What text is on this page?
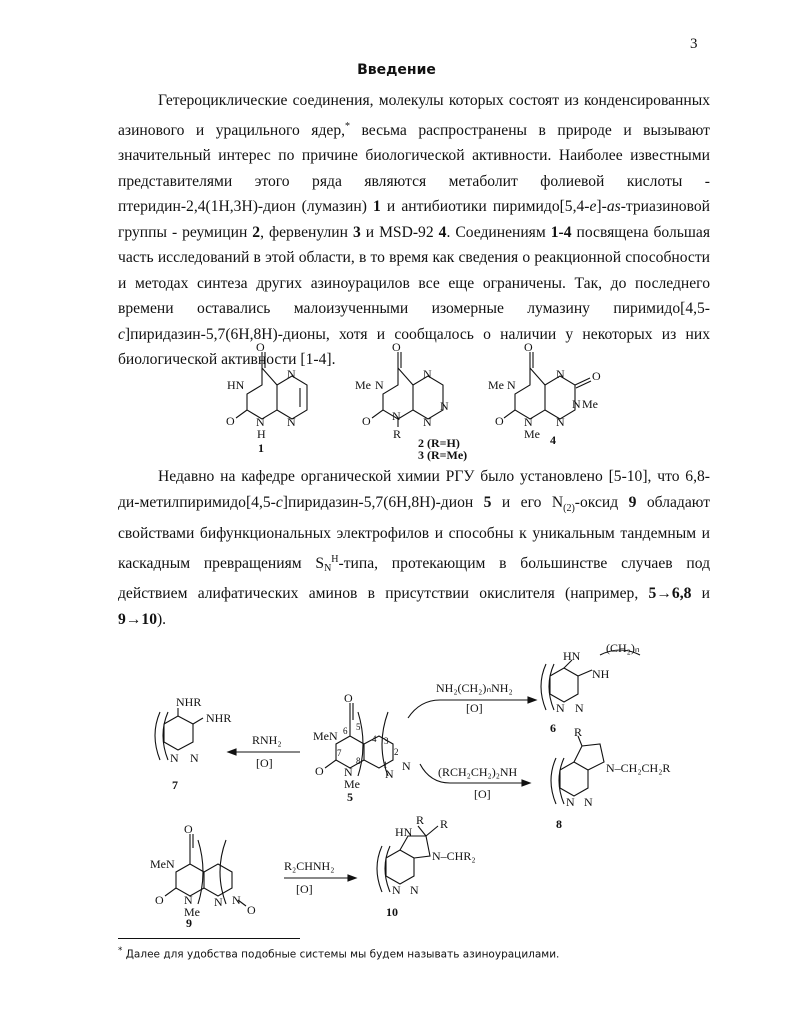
3
Введение
Гетероциклические соединения, молекулы которых состоят из конденсированных азинового и урацильного ядер,* весьма распространены в природе и вызывают значительный интерес по причине биологической активности. Наиболее известными представителями этого ряда являются метаболит фолиевой кислоты - птеридин-2,4(1H,3H)-дион (лумазин) 1 и антибиотики пиримидо[5,4-e]-as-триазиновой группы - реумицин 2, фервенулин 3 и MSD-92 4. Соединениям 1-4 посвящена большая часть исследований в этой области, в то время как сведения о реакционной способности и методах синтеза других азиноурацилов все еще ограничены. Так, до последнего времени оставались малоизученными изомерные лумазину пиримидо[4,5-c]пиридазин-5,7(6H,8H)-дионы, хотя и сообщалось о наличии у некоторых из них биологической активности [1-4].
Недавно на кафедре органической химии РГУ было установлено [5-10], что 6,8-ди-метилпиримидо[4,5-c]пиридазин-5,7(6H,8H)-дион 5 и его $N_{(2)}$-оксид 9 обладают свойствами бифункциональных электрофилов и способны к уникальным тандемным и каскадным превращениям $SN^H$-типа, протекающим в большинстве случаев под действием алифатических аминов в присутствии окислителя (например, 5→6,8 и 9→10).
O
HN
O N
H
N
N
1
O
Me N
O N
R
N
N
N
2 (R=H)
3 (R=Me)
O
Me N
O N
Me
N
N
O
N Me
4
O
MeN
O N
Me
N
N
6 5
7
8
4 3
2
1
5
NH₂(CH₂)ₙNH₂
[O]
RNH₂
[O]
(RCH₂CH₂)₂NH
[O]
NHR
NHR
N N
7
HN
(CH₂)ₙ
NH
N N
6 R
N–CH₂CH₂R
N N
8
O
MeN
O N
Me
N N
O
9
R₂CHNH₂
[O]
HN
R R
N–CHR₂
N N
10
* Далее для удобства подобные системы мы будем называть азиноурацилами.
